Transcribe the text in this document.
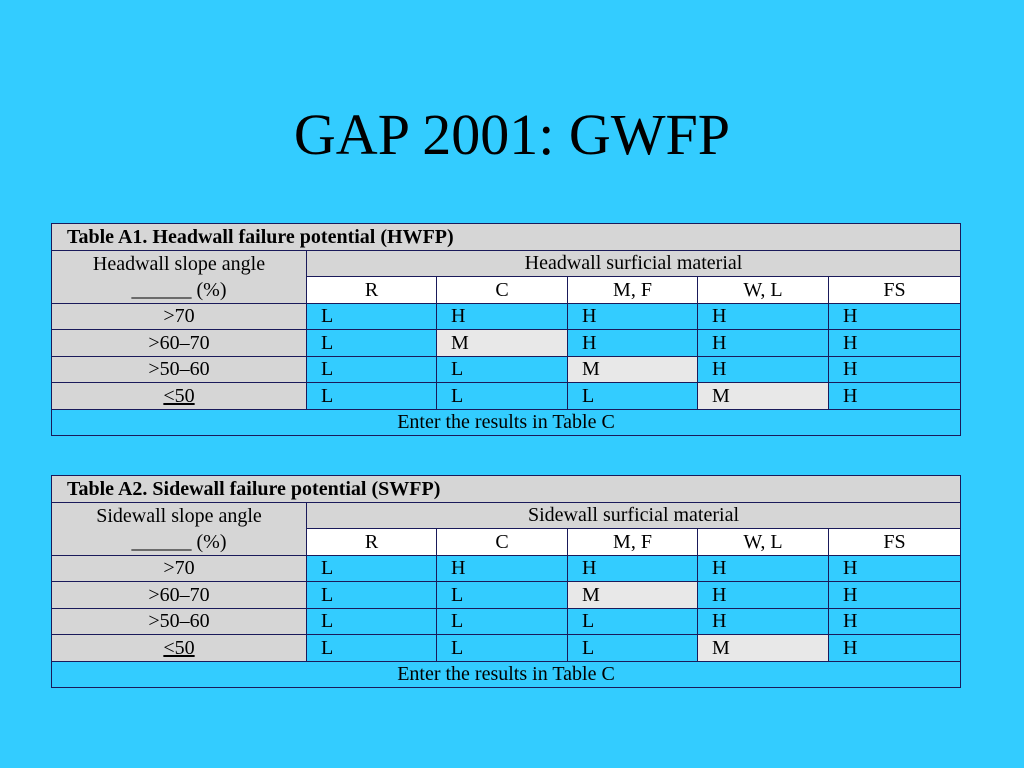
GAP 2001: GWFP
Table A1. Headwall failure potential (HWFP)					
Headwall slope angle	Headwall surficial material				
______ (%)	R	C	M, F	W, L	FS
>70	L	H	H	H	H
>60–70	L	M	H	H	H
>50–60	L	L	M	H	H
<50	L	L	L	M	H
Enter the results in Table C					
Table A2. Sidewall failure potential (SWFP)					
Sidewall slope angle	Sidewall surficial material				
______ (%)	R	C	M, F	W, L	FS
>70	L	H	H	H	H
>60–70	L	L	M	H	H
>50–60	L	L	L	H	H
<50	L	L	L	M	H
Enter the results in Table C					
